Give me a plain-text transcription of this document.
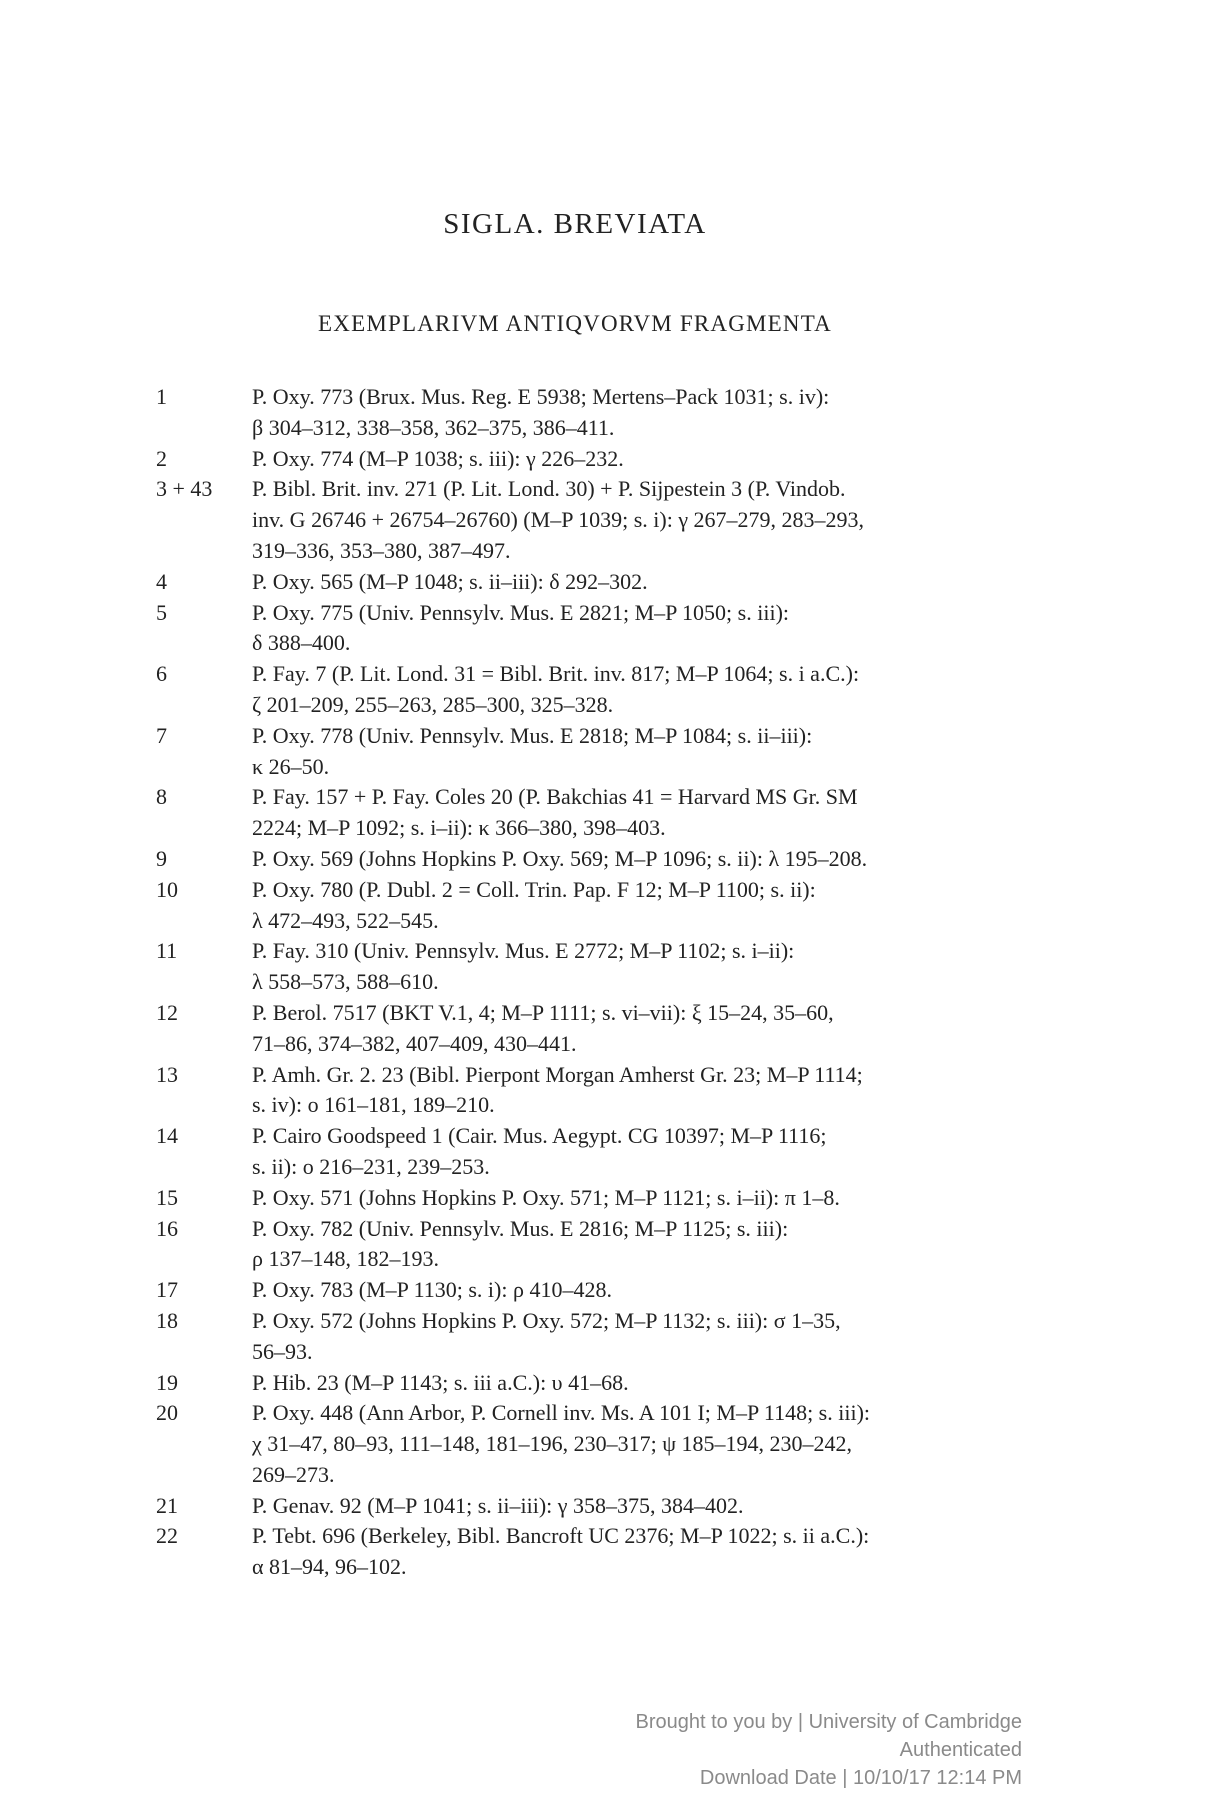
SIGLA. BREVIATA
EXEMPLARIVM ANTIQVORVM FRAGMENTA
1	P. Oxy. 773 (Brux. Mus. Reg. E 5938; Mertens–Pack 1031; s. iv):
β 304–312, 338–358, 362–375, 386–411.
2	P. Oxy. 774 (M–P 1038; s. iii): γ 226–232.
3 + 43	P. Bibl. Brit. inv. 271 (P. Lit. Lond. 30) + P. Sijpestein 3 (P. Vindob.
inv. G 26746 + 26754–26760) (M–P 1039; s. i): γ 267–279, 283–293,
319–336, 353–380, 387–497.
4	P. Oxy. 565 (M–P 1048; s. ii–iii): δ 292–302.
5	P. Oxy. 775 (Univ. Pennsylv. Mus. E 2821; M–P 1050; s. iii):
δ 388–400.
6	P. Fay. 7 (P. Lit. Lond. 31 = Bibl. Brit. inv. 817; M–P 1064; s. i a.C.):
ζ 201–209, 255–263, 285–300, 325–328.
7	P. Oxy. 778 (Univ. Pennsylv. Mus. E 2818; M–P 1084; s. ii–iii):
κ 26–50.
8	P. Fay. 157 + P. Fay. Coles 20 (P. Bakchias 41 = Harvard MS Gr. SM
2224; M–P 1092; s. i–ii): κ 366–380, 398–403.
9	P. Oxy. 569 (Johns Hopkins P. Oxy. 569; M–P 1096; s. ii): λ 195–208.
10	P. Oxy. 780 (P. Dubl. 2 = Coll. Trin. Pap. F 12; M–P 1100; s. ii):
λ 472–493, 522–545.
11	P. Fay. 310 (Univ. Pennsylv. Mus. E 2772; M–P 1102; s. i–ii):
λ 558–573, 588–610.
12	P. Berol. 7517 (BKT V.1, 4; M–P 1111; s. vi–vii): ξ 15–24, 35–60,
71–86, 374–382, 407–409, 430–441.
13	P. Amh. Gr. 2. 23 (Bibl. Pierpont Morgan Amherst Gr. 23; M–P 1114;
s. iv): ο 161–181, 189–210.
14	P. Cairo Goodspeed 1 (Cair. Mus. Aegypt. CG 10397; M–P 1116;
s. ii): ο 216–231, 239–253.
15	P. Oxy. 571 (Johns Hopkins P. Oxy. 571; M–P 1121; s. i–ii): π 1–8.
16	P. Oxy. 782 (Univ. Pennsylv. Mus. E 2816; M–P 1125; s. iii):
ρ 137–148, 182–193.
17	P. Oxy. 783 (M–P 1130; s. i): ρ 410–428.
18	P. Oxy. 572 (Johns Hopkins P. Oxy. 572; M–P 1132; s. iii): σ 1–35,
56–93.
19	P. Hib. 23 (M–P 1143; s. iii a.C.): υ 41–68.
20	P. Oxy. 448 (Ann Arbor, P. Cornell inv. Ms. A 101 I; M–P 1148; s. iii):
χ 31–47, 80–93, 111–148, 181–196, 230–317; ψ 185–194, 230–242,
269–273.
21	P. Genav. 92 (M–P 1041; s. ii–iii): γ 358–375, 384–402.
22	P. Tebt. 696 (Berkeley, Bibl. Bancroft UC 2376; M–P 1022; s. ii a.C.):
α 81–94, 96–102.
Brought to you by | University of Cambridge
Authenticated
Download Date | 10/10/17 12:14 PM
